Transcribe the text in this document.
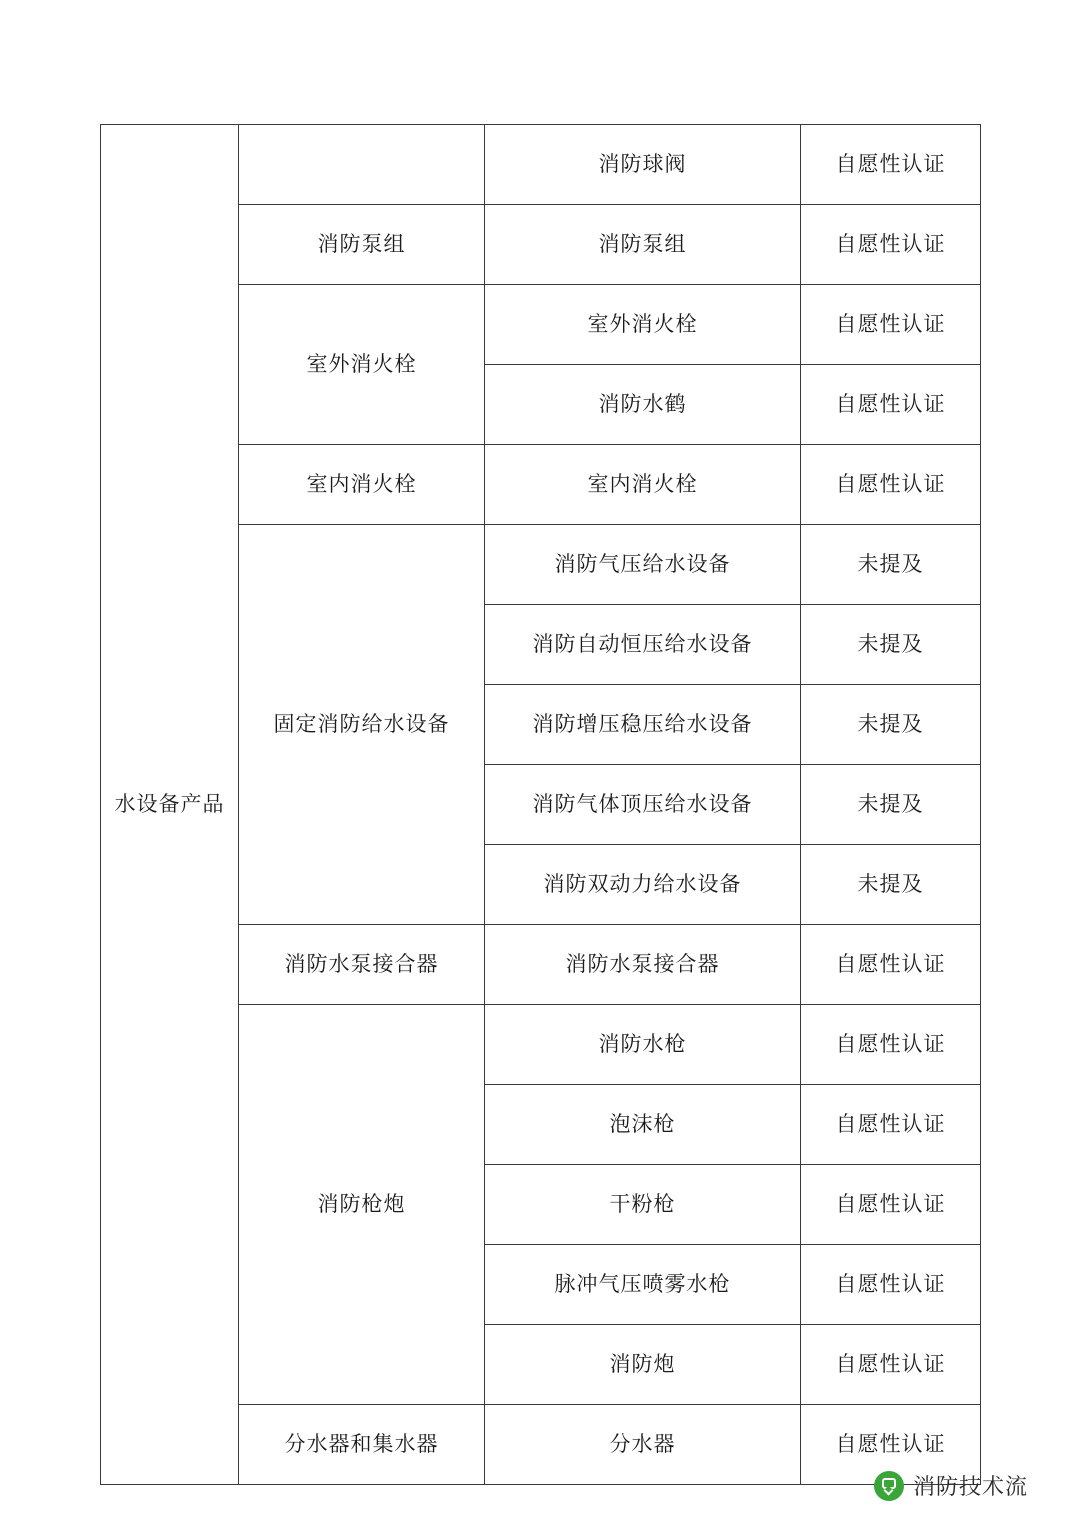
水设备产品		消防球阀	自愿性认证
	消防泵组	消防泵组	自愿性认证
	室外消火栓	室外消火栓	自愿性认证
		消防水鹤	自愿性认证
	室内消火栓	室内消火栓	自愿性认证
	固定消防给水设备	消防气压给水设备	未提及
		消防自动恒压给水设备	未提及
		消防增压稳压给水设备	未提及
		消防气体顶压给水设备	未提及
		消防双动力给水设备	未提及
	消防水泵接合器	消防水泵接合器	自愿性认证
	消防枪炮	消防水枪	自愿性认证
		泡沫枪	自愿性认证
		干粉枪	自愿性认证
		脉冲气压喷雾水枪	自愿性认证
		消防炮	自愿性认证
	分水器和集水器	分水器	自愿性认证
消防技术流
